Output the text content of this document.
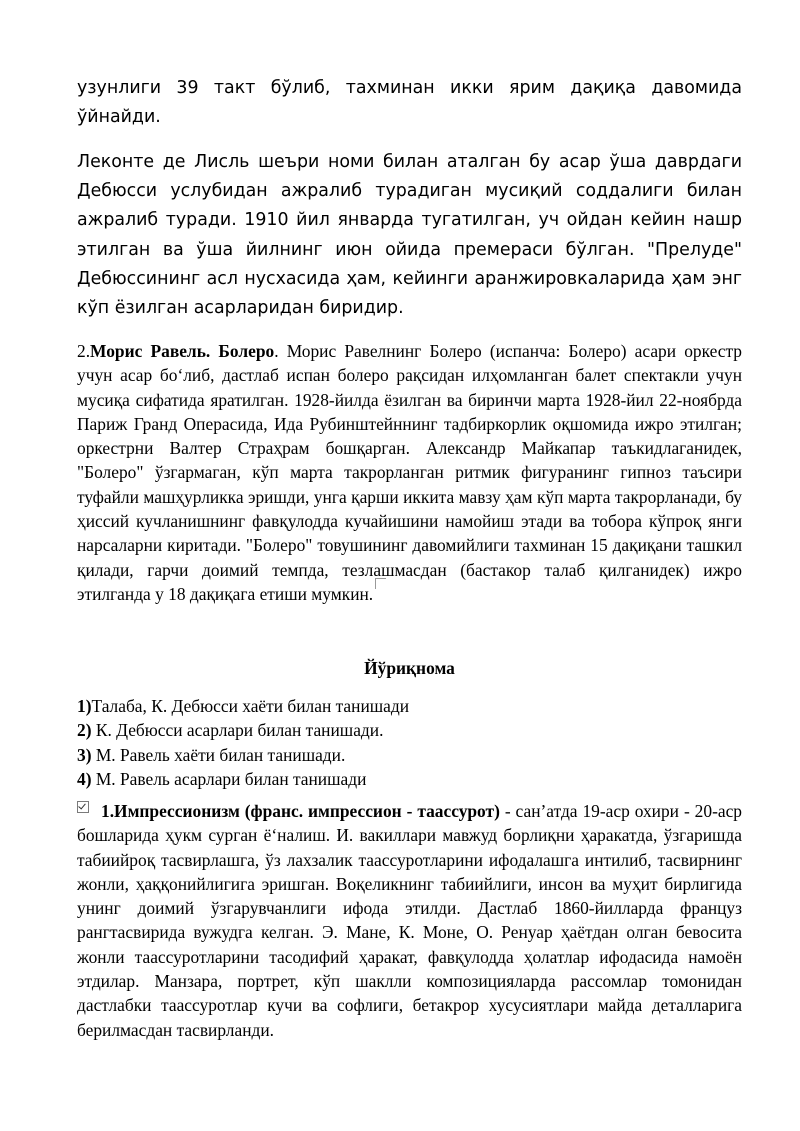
узунлиги 39 такт бўлиб, тахминан икки ярим дақиқа давомида ўйнайди.

Леконте де Лисль шеъри номи билан аталган бу асар ўша даврдаги Дебюсси услубидан ажралиб турадиган мусиқий соддалиги билан ажралиб туради. 1910 йил январда тугатилган, уч ойдан кейин нашр этилган ва ўша йилнинг июн ойида премераси бўлган. "Прелуде" Дебюссининг асл нусхасида ҳам, кейинги аранжировкаларида ҳам энг кўп ёзилган асарларидан биридир.

2.Морис Равель. Болеро. Морис Равелнинг Болеро (испанча: Болеро) асари оркестр учун асар боʻлиб, дастлаб испан болеро рақсидан илҳомланган балет спектакли учун мусиқа сифатида яратилган. 1928-йилда ёзилган ва биринчи марта 1928-йил 22-ноябрда Париж Гранд Операсида, Ида Рубинштейннинг тадбиркорлик оқшомида ижро этилган; оркестрни Валтер Страҳрам бошқарган. Александр Майкапар таъкидлаганидек, "Болеро" ўзгармаган, кўп марта такрорланган ритмик фигуранинг гипноз таъсири туфайли машҳурликка эришди, унга қарши иккита мавзу ҳам кўп марта такрорланади, бу ҳиссий кучланишнинг фавқулодда кучайишини намойиш этади ва тобора кўпроқ янги нарсаларни киритади. "Болеро" товушининг давомийлиги тахминан 15 дақиқани ташкил қилади, гарчи доимий темпда, тезлашмасдан (бастакор талаб қилганидек) ижро этилганда у 18 дақиқага етиши мумкин.

Йўриқнома
1)Талаба, К. Дебюсси хаёти билан танишади
2) К. Дебюсси асарлари билан танишади.
3) М. Равель хаёти билан танишади.
4) М. Равель асарлари билан танишади

1.Импрессионизм (франс. импрессион - таассурот) - санʼатда 19-аср охири - 20-аср бошларида ҳукм сурган ёʻналиш. И. вакиллари мавжуд борлиқни ҳаракатда, ўзгаришда табиийроқ тасвирлашга, ўз лахзалик таассуротларини ифодалашга интилиб, тасвирнинг жонли, ҳаққонийлигига эришган. Воқеликнинг табиийлиги, инсон ва муҳит бирлигида унинг доимий ўзгарувчанлиги ифода этилди. Дастлаб 1860-йилларда француз рангтасвирида вужудга келган. Э. Мане, К. Моне, О. Ренуар ҳаётдан олган бевосита жонли таассуротларини тасодифий ҳаракат, фавқулодда ҳолатлар ифодасида намоён этдилар. Манзара, портрет, кўп шаклли композицияларда рассомлар томонидан дастлабки таассуротлар кучи ва софлиги, бетакрор хусусиятлари майда деталларига берилмасдан тасвирланди.
